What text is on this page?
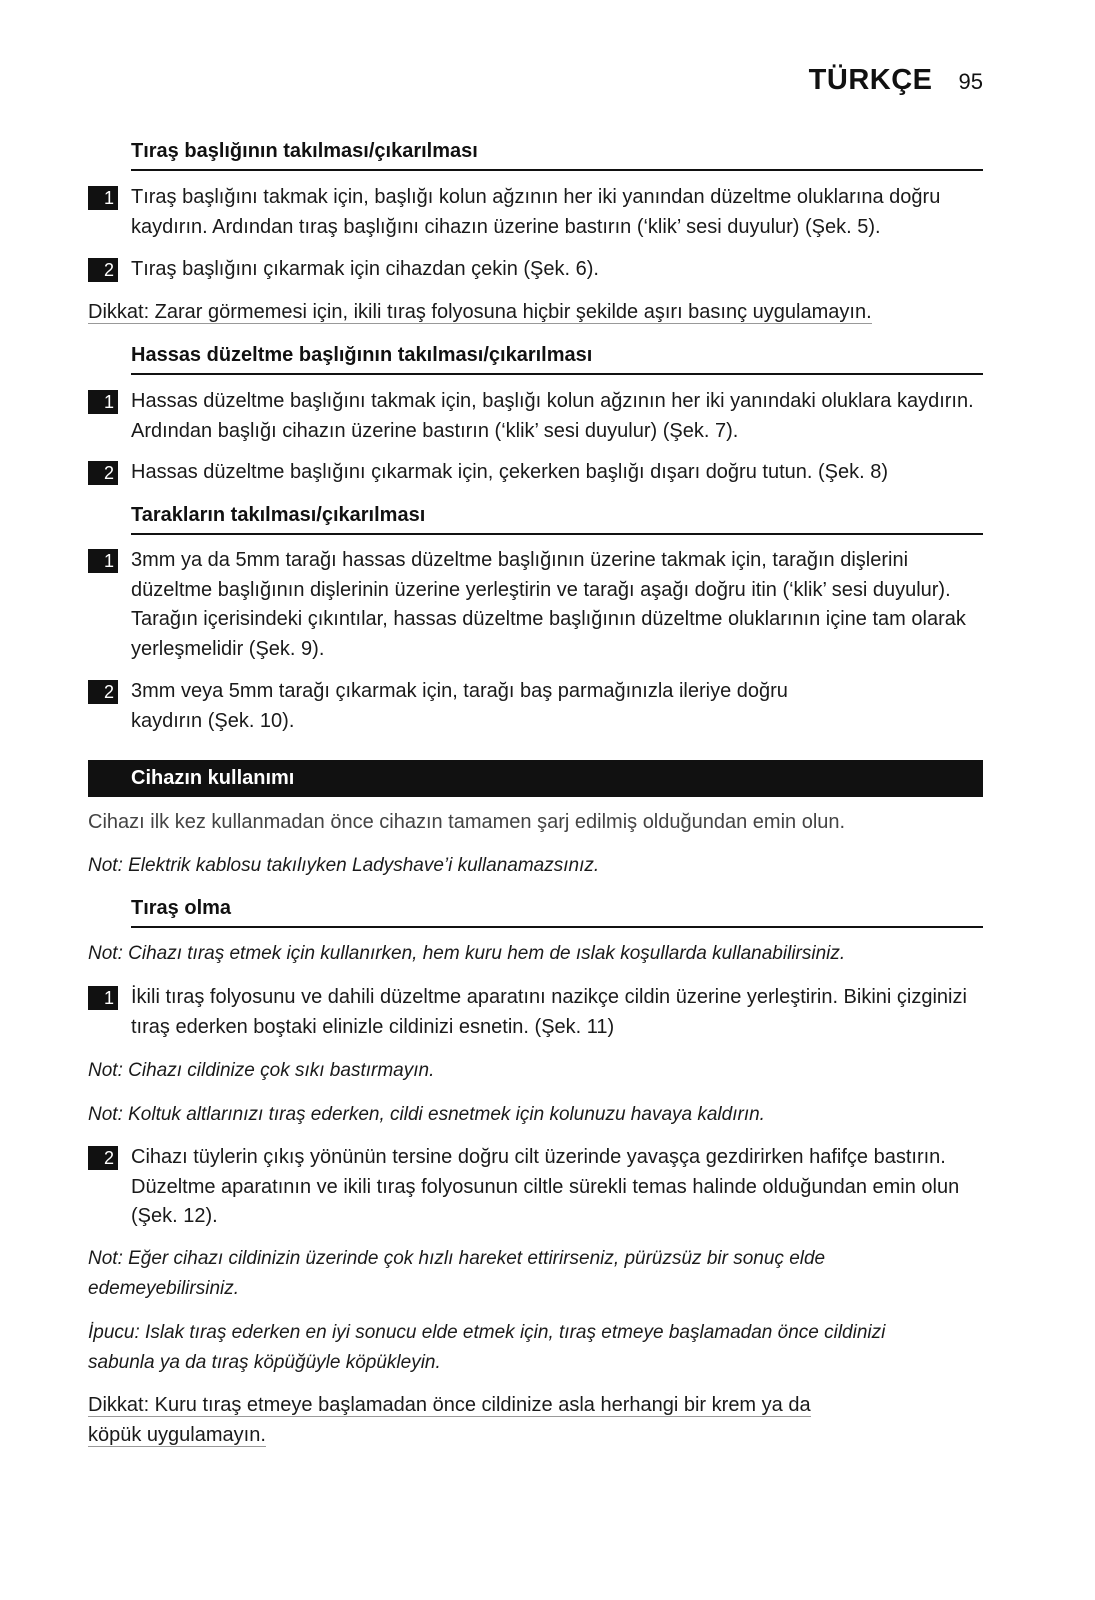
TÜRKÇE 95
Tıraş başlığının takılması/çıkarılması
1 Tıraş başlığını takmak için, başlığı kolun ağzının her iki yanından düzeltme oluklarına doğru kaydırın. Ardından tıraş başlığını cihazın üzerine bastırın (‘klik’ sesi duyulur) (Şek. 5).
2 Tıraş başlığını çıkarmak için cihazdan çekin (Şek. 6).
Dikkat: Zarar görmemesi için, ikili tıraş folyosuna hiçbir şekilde aşırı basınç uygulamayın.
Hassas düzeltme başlığının takılması/çıkarılması
1 Hassas düzeltme başlığını takmak için, başlığı kolun ağzının her iki yanındaki oluklara kaydırın. Ardından başlığı cihazın üzerine bastırın (‘klik’ sesi duyulur) (Şek. 7).
2 Hassas düzeltme başlığını çıkarmak için, çekerken başlığı dışarı doğru tutun. (Şek. 8)
Tarakların takılması/çıkarılması
1 3mm ya da 5mm tarağı hassas düzeltme başlığının üzerine takmak için, tarağın dişlerini düzeltme başlığının dişlerinin üzerine yerleştirin ve tarağı aşağı doğru itin (‘klik’ sesi duyulur). Tarağın içerisindeki çıkıntılar, hassas düzeltme başlığının düzeltme oluklarının içine tam olarak yerleşmelidir (Şek. 9).
2 3mm veya 5mm tarağı çıkarmak için, tarağı baş parmağınızla ileriye doğru kaydırın (Şek. 10).
Cihazın kullanımı
Cihazı ilk kez kullanmadan önce cihazın tamamen şarj edilmiş olduğundan emin olun.
Not: Elektrik kablosu takılıyken Ladyshave’i kullanamazsınız.
Tıraş olma
Not: Cihazı tıraş etmek için kullanırken, hem kuru hem de ıslak koşullarda kullanabilirsiniz.
1 İkili tıraş folyosunu ve dahili düzeltme aparatını nazikçe cildin üzerine yerleştirin. Bikini çizginizi tıraş ederken boştaki elinizle cildinizi esnetin. (Şek. 11)
Not: Cihazı cildinize çok sıkı bastırmayın.
Not: Koltuk altlarınızı tıraş ederken, cildi esnetmek için kolunuzu havaya kaldırın.
2 Cihazı tüylerin çıkış yönünün tersine doğru cilt üzerinde yavaşça gezdirirken hafifçe bastırın. Düzeltme aparatının ve ikili tıraş folyosunun ciltle sürekli temas halinde olduğundan emin olun (Şek. 12).
Not: Eğer cihazı cildinizin üzerinde çok hızlı hareket ettirirseniz, pürüzsüz bir sonuç elde edemeyebilirsiniz.
İpucu: Islak tıraş ederken en iyi sonucu elde etmek için, tıraş etmeye başlamadan önce cildinizi sabunla ya da tıraş köpüğüyle köpükleyin.
Dikkat: Kuru tıraş etmeye başlamadan önce cildinize asla herhangi bir krem ya da köpük uygulamayın.
